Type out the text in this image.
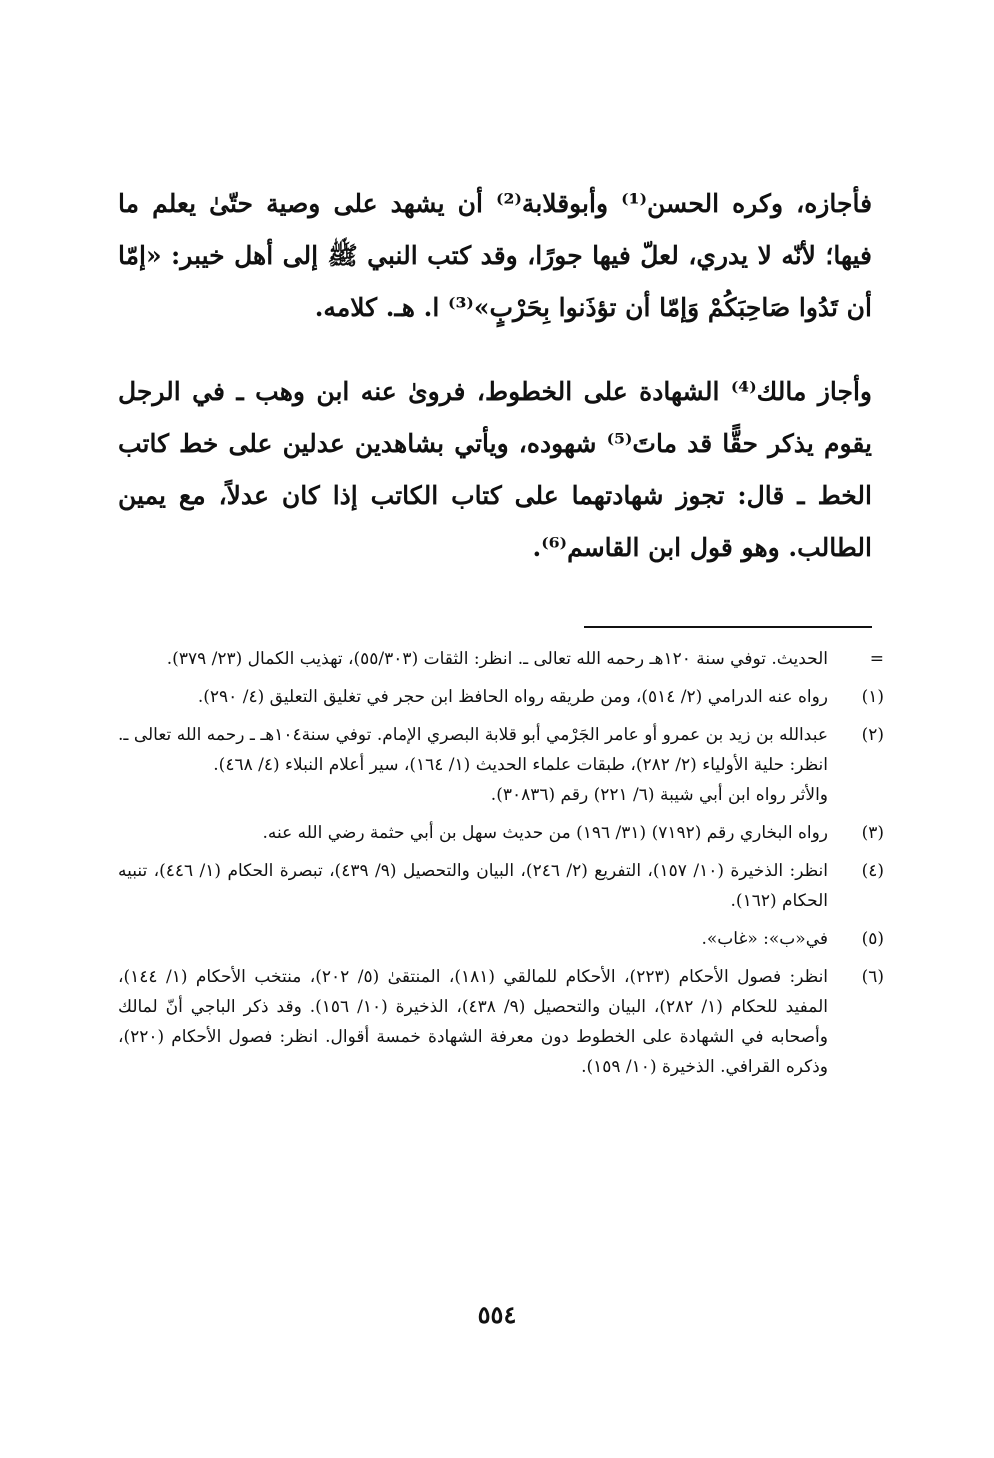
فأجازه، وكره الحسن⁽¹⁾ وأبوقلابة⁽²⁾ أن يشهد على وصية حتّىٰ يعلم ما فيها؛ لأنّه لا يدري، لعلّ فيها جورًا، وقد كتب النبي ﷺ إلى أهل خيبر: «إمّا أن تَدُوا صَاحِبَكُمْ وَإمّا أن تؤذَنوا بِحَرْبٍ»⁽³⁾ ا. هـ. كلامه.

وأجاز مالك⁽⁴⁾ الشهادة على الخطوط، فروىٰ عنه ابن وهب ـ في الرجل يقوم يذكر حقًّا قد ماتَ⁽⁵⁾ شهوده، ويأتي بشاهدين عدلين على خط كاتب الخط ـ قال: تجوز شهادتهما على كتاب الكاتب إذا كان عدلاً، مع يمين الطالب. وهو قول ابن القاسم⁽⁶⁾.

=
الحديث. توفي سنة ١٢٠هـ رحمه الله تعالى ـ. انظر: الثقات (٥٥/٣٠٣)، تهذيب الكمال (٢٣/ ٣٧٩).
(١)
رواه عنه الدرامي (٢/ ٥١٤)، ومن طريقه رواه الحافظ ابن حجر في تغليق التعليق (٤/ ٢٩٠).
(٢)
عبدالله بن زيد بن عمرو أو عامر الجَرْمي أبو قلابة البصري الإمام. توفي سنة١٠٤هـ ـ رحمه الله تعالى ـ. انظر: حلية الأولياء (٢/ ٢٨٢)، طبقات علماء الحديث (١/ ١٦٤)، سير أعلام النبلاء (٤/ ٤٦٨).
والأثر رواه ابن أبي شيبة (٦/ ٢٢١) رقم (٣٠٨٣٦).
(٣)
رواه البخاري رقم (٧١٩٢) (٣١/ ١٩٦) من حديث سهل بن أبي حثمة رضي الله عنه.
(٤)
انظر: الذخيرة (١٠/ ١٥٧)، التفريع (٢/ ٢٤٦)، البيان والتحصيل (٩/ ٤٣٩)، تبصرة الحكام (١/ ٤٤٦)، تنبيه الحكام (١٦٢).
(٥)
في«ب»: «غاب».
(٦)
انظر: فصول الأحكام (٢٢٣)، الأحكام للمالقي (١٨١)، المنتقىٰ (٥/ ٢٠٢)، منتخب الأحكام (١/ ١٤٤)، المفيد للحكام (١/ ٢٨٢)، البيان والتحصيل (٩/ ٤٣٨)، الذخيرة (١٠/ ١٥٦). وقد ذكر الباجي أنّ لمالك وأصحابه في الشهادة على الخطوط دون معرفة الشهادة خمسة أقوال. انظر: فصول الأحكام (٢٢٠)، وذكره القرافي. الذخيرة (١٠/ ١٥٩).
٥٥٤
